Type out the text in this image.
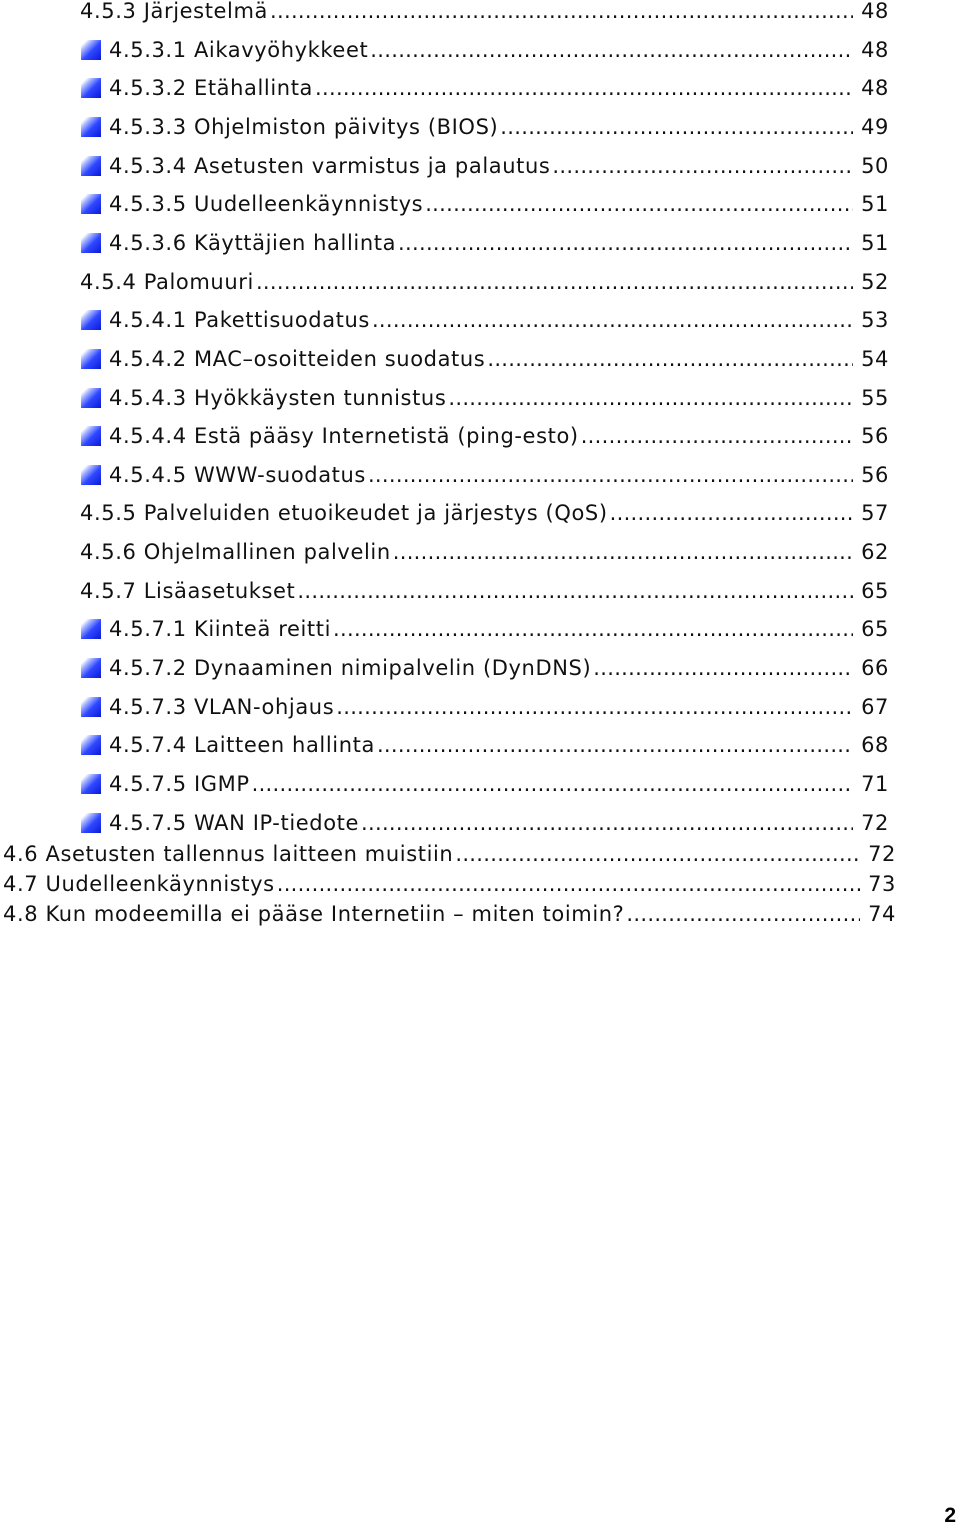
4.5.3 Järjestelmä .....	48
4.5.3.1 Aikavyöhykkeet .....	48
4.5.3.2 Etähallinta .....	48
4.5.3.3 Ohjelmiston päivitys (BIOS) .....	49
4.5.3.4 Asetusten varmistus ja palautus .....	50
4.5.3.5 Uudelleenkäynnistys .....	51
4.5.3.6 Käyttäjien hallinta .....	51
4.5.4 Palomuuri .....	52
4.5.4.1 Pakettisuodatus .....	53
4.5.4.2 MAC–osoitteiden suodatus .....	54
4.5.4.3 Hyökkäysten tunnistus .....	55
4.5.4.4 Estä pääsy Internetistä (ping-esto) .....	56
4.5.4.5 WWW-suodatus .....	56
4.5.5 Palveluiden etuoikeudet ja järjestys (QoS) .....	57
4.5.6 Ohjelmallinen palvelin .....	62
4.5.7 Lisäasetukset .....	65
4.5.7.1 Kiinteä reitti .....	65
4.5.7.2 Dynaaminen nimipalvelin (DynDNS) .....	66
4.5.7.3 VLAN-ohjaus .....	67
4.5.7.4 Laitteen hallinta .....	68
4.5.7.5 IGMP .....	71
4.5.7.5 WAN IP-tiedote .....	72
4.6 Asetusten tallennus laitteen muistiin .....	72
4.7 Uudelleenkäynnistys .....	73
4.8 Kun modeemilla ei pääse Internetiin – miten toimin? .....	74
2
